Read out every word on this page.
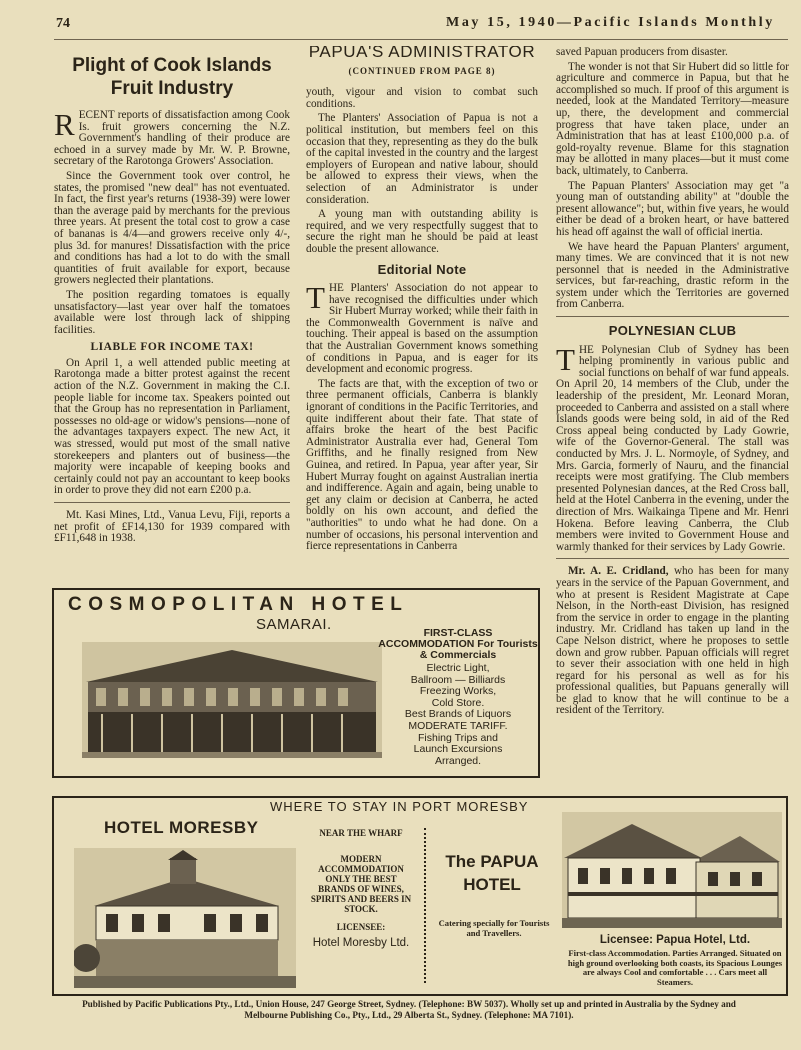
74	May 15, 1940—Pacific Islands Monthly
Plight of Cook Islands Fruit Industry

RECENT reports of dissatisfaction among Cook Is. fruit growers concerning the N.Z. Government's handling of their produce are echoed in a survey made by Mr. W. P. Browne, secretary of the Rarotonga Growers' Association.

Since the Government took over control, he states, the promised "new deal" has not eventuated. In fact, the first year's returns (1938-39) were lower than the average paid by merchants for the previous three years. At present the total cost to grow a case of bananas is 4/4—and growers receive only 4/-, plus 3d. for manures! Dissatisfaction with the price and conditions has had a lot to do with the small quantities of fruit available for export, because growers neglected their plantations.

The position regarding tomatoes is equally unsatisfactory—last year over half the tomatoes available were lost through lack of shipping facilities.

LIABLE FOR INCOME TAX!

On April 1, a well attended public meeting at Rarotonga made a bitter protest against the recent action of the N.Z. Government in making the C.I. people liable for income tax. Speakers pointed out that the Group has no representation in Parliament, possesses no old-age or widow's pensions—none of the advantages taxpayers expect. The new Act, it was stressed, would put most of the small native storekeepers and planters out of business—the majority were incapable of keeping books and certainly could not pay an accountant to keep books in order to prove they did not earn £200 p.a.

Mt. Kasi Mines, Ltd., Vanua Levu, Fiji, reports a net profit of £F14,130 for 1939 compared with £F11,648 in 1938.

PAPUA'S ADMINISTRATOR
(CONTINUED FROM PAGE 8)

youth, vigour and vision to combat such conditions.

The Planters' Association of Papua is not a political institution, but members feel on this occasion that they, representing as they do the bulk of the capital invested in the country and the largest employers of European and native labour, should be allowed to express their views, when the selection of an Administrator is under consideration.

A young man with outstanding ability is required, and we very respectfully suggest that to secure the right man he should be paid at least double the present allowance.

Editorial Note

THE Planters' Association do not appear to have recognised the difficulties under which Sir Hubert Murray worked; while their faith in the Commonwealth Government is naïve and touching. Their appeal is based on the assumption that the Australian Government knows something of conditions in Papua, and is eager for its development and economic progress.

The facts are that, with the exception of two or three permanent officials, Canberra is blankly ignorant of conditions in the Pacific Territories, and quite indifferent about their fate. That state of affairs broke the heart of the best Pacific Administrator Australia ever had, General Tom Griffiths, and he finally resigned from New Guinea, and retired. In Papua, year after year, Sir Hubert Murray fought on against Australian inertia and indifference. Again and again, being unable to get any claim or decision at Canberra, he acted boldly on his own account, and defied the "authorities" to undo what he had done. On a number of occasions, his personal intervention and fierce representations in Canberra

saved Papuan producers from disaster.

The wonder is not that Sir Hubert did so little for agriculture and commerce in Papua, but that he accomplished so much. If proof of this argument is needed, look at the Mandated Territory—measure up, there, the development and commercial progress that have taken place, under an Administration that has at least £100,000 p.a. of gold-royalty revenue. Blame for this stagnation may be allotted in many places—but it must come back, ultimately, to Canberra.

The Papuan Planters' Association may get "a young man of outstanding ability" at "double the present allowance"; but, within five years, he would either be dead of a broken heart, or have battered his head off against the wall of official inertia.

We have heard the Papuan Planters' argument, many times. We are convinced that it is not new personnel that is needed in the Administrative services, but far-reaching, drastic reform in the system under which the Territories are governed from Canberra.

POLYNESIAN CLUB

THE Polynesian Club of Sydney has been helping prominently in various public and social functions on behalf of war fund appeals. On April 20, 14 members of the Club, under the leadership of the president, Mr. Leonard Moran, proceeded to Canberra and assisted on a stall where Islands goods were being sold, in aid of the Red Cross appeal being conducted by Lady Gowrie, wife of the Governor-General. The stall was conducted by Mrs. J. L. Normoyle, of Sydney, and Mrs. Garcia, formerly of Nauru, and the financial receipts were most gratifying. The Club members presented Polynesian dances, at the Red Cross ball, held at the Hotel Canberra in the evening, under the direction of Mrs. Waikainga Tipene and Mr. Henri Hokena. Before leaving Canberra, the Club members were invited to Government House and warmly thanked for their services by Lady Gowrie.

Mr. A. E. Cridland, who has been for many years in the service of the Papuan Government, and who at present is Resident Magistrate at Cape Nelson, in the North-east Division, has resigned from the service in order to engage in the planting industry. Mr. Cridland has taken up land in the Cape Nelson district, where he proposes to settle down and grow rubber. Papuan officials will regret to sever their association with one held in high regard for his personal as well as for his professional qualities, but Papuans generally will be glad to know that he will continue to be a resident of the Territory.

COSMOPOLITAN HOTEL
SAMARAI.	FIRST-CLASS ACCOMMODATION For Tourists & Commercials
Electric Light,
Ballroom — Billiards
Freezing Works,
Cold Store.
Best Brands of Liquors
MODERATE TARIFF.
Fishing Trips and
Launch Excursions
Arranged.
WHERE TO STAY IN PORT MORESBY
HOTEL MORESBY	NEAR THE WHARF
MODERN ACCOMMODATION ONLY THE BEST BRANDS OF WINES, SPIRITS AND BEERS IN STOCK.
LICENSEE:
Hotel Moresby Ltd.
The PAPUA HOTEL
Catering specially for Tourists and Travellers.
Licensee: Papua Hotel, Ltd.
First-class Accommodation. Parties Arranged. Situated on high ground overlooking both coasts, its Spacious Lounges are always Cool and comfortable . . . Cars meet all Steamers.
Published by Pacific Publications Pty., Ltd., Union House, 247 George Street, Sydney. (Telephone: BW 5037). Wholly set up and printed in Australia by the Sydney and Melbourne Publishing Co., Pty., Ltd., 29 Alberta St., Sydney. (Telephone: MA 7101).
